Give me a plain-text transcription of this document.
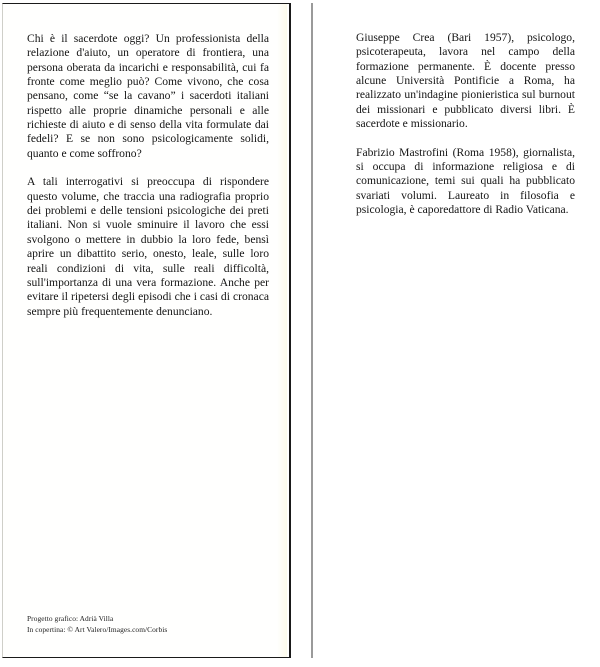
Chi è il sacerdote oggi? Un professionista della relazione d'aiuto, un operatore di frontiera, una persona oberata da incarichi e responsabilità, cui fa fronte come meglio può? Come vivono, che cosa pensano, come “se la cavano” i sacerdoti italiani rispetto alle proprie dinamiche personali e alle richieste di aiuto e di senso della vita formulate dai fedeli? E se non sono psicologicamente solidi, quanto e come soffrono?

A tali interrogativi si preoccupa di rispondere questo volume, che traccia una radiografia proprio dei problemi e delle tensioni psicologiche dei preti italiani. Non si vuole sminuire il lavoro che essi svolgono o mettere in dubbio la loro fede, bensì aprire un dibattito serio, onesto, leale, sulle loro reali condizioni di vita, sulle reali difficoltà, sull'importanza di una vera formazione. Anche per evitare il ripetersi degli episodi che i casi di cronaca sempre più frequentemente denunciano.

Progetto grafico: Adrià Villa
In copertina: © Art Valero/Images.com/Corbis

Giuseppe Crea (Bari 1957), psicologo, psicoterapeuta, lavora nel campo della formazione permanente. È docente presso alcune Università Pontificie a Roma, ha realizzato un'indagine pionieristica sul burnout dei missionari e pubblicato diversi libri. È sacerdote e missionario.

Fabrizio Mastrofini (Roma 1958), giornalista, si occupa di informazione religiosa e di comunicazione, temi sui quali ha pubblicato svariati volumi. Laureato in filosofia e psicologia, è caporedattore di Radio Vaticana.
